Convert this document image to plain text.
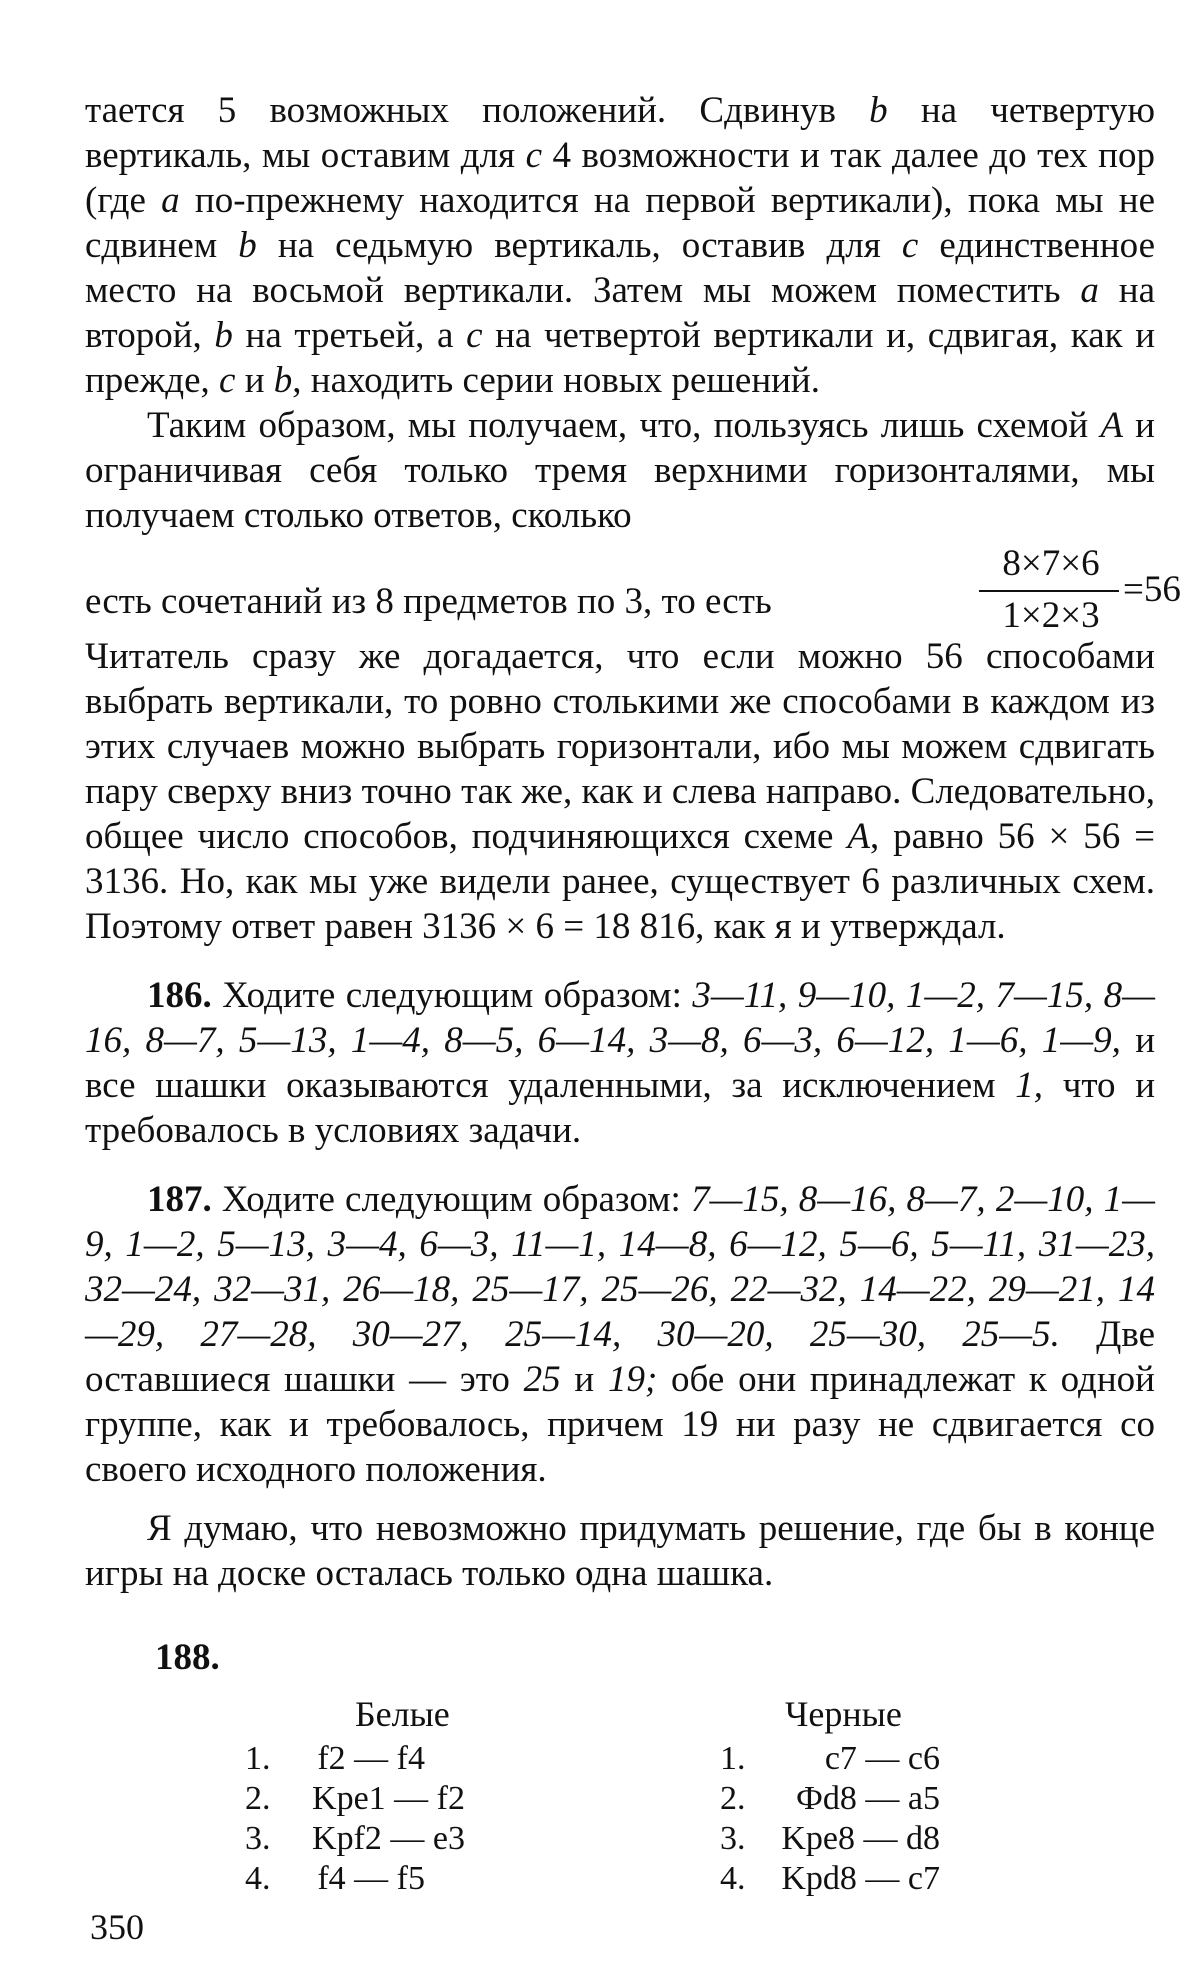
тается 5 возможных положений. Сдвинув b на четвертую вертикаль, мы оставим для c 4 возможности и так далее до тех пор (где a по-прежнему находится на первой вертикали), пока мы не сдвинем b на седьмую вертикаль, оставив для c единственное место на восьмой вертикали. Затем мы можем поместить a на второй, b на третьей, а c на четвертой вертикали и, сдвигая, как и прежде, c и b, находить серии новых решений.

Таким образом, мы получаем, что, пользуясь лишь схемой A и ограничивая себя только тремя верхними горизонталями, мы получаем столько ответов, сколько

есть сочетаний из 8 предметов по 3, то есть
8×7×6
1×2×3
=56

Читатель сразу же догадается, что если можно 56 способами выбрать вертикали, то ровно столькими же способами в каждом из этих случаев можно выбрать горизонтали, ибо мы можем сдвигать пару сверху вниз точно так же, как и слева направо. Следовательно, общее число способов, подчиняющихся схеме A, равно 56 × 56 = 3136. Но, как мы уже видели ранее, существует 6 различных схем. Поэтому ответ равен 3136 × 6 = 18 816, как я и утверждал.

186. Ходите следующим образом: 3—11, 9—10, 1—2, 7—15, 8—16, 8—7, 5—13, 1—4, 8—5, 6—14, 3—8, 6—3, 6—12, 1—6, 1—9, и все шашки оказываются удаленными, за исключением 1, что и требовалось в условиях задачи.

187. Ходите следующим образом: 7—15, 8—16, 8—7, 2—10, 1—9, 1—2, 5—13, 3—4, 6—3, 11—1, 14—8, 6—12, 5—6, 5—11, 31—23, 32—24, 32—31, 26—18, 25—17, 25—26, 22—32, 14—22, 29—21, 14—29, 27—28, 30—27, 25—14, 30—20, 25—30, 25—5. Две оставшиеся шашки — это 25 и 19; обе они принадлежат к одной группе, как и требовалось, причем 19 ни разу не сдвигается со своего исходного положения.

Я думаю, что невозможно придумать решение, где бы в конце игры на доске осталась только одна шашка.

188.
Белые	Черные
1. f2 — f4
2. Kpe1 — f2
3. Kpf2 — e3
4. f4 — f5
1. c7 — c6
2. Фd8 — a5
3. Kpe8 — d8
4. Kpd8 — c7
350
